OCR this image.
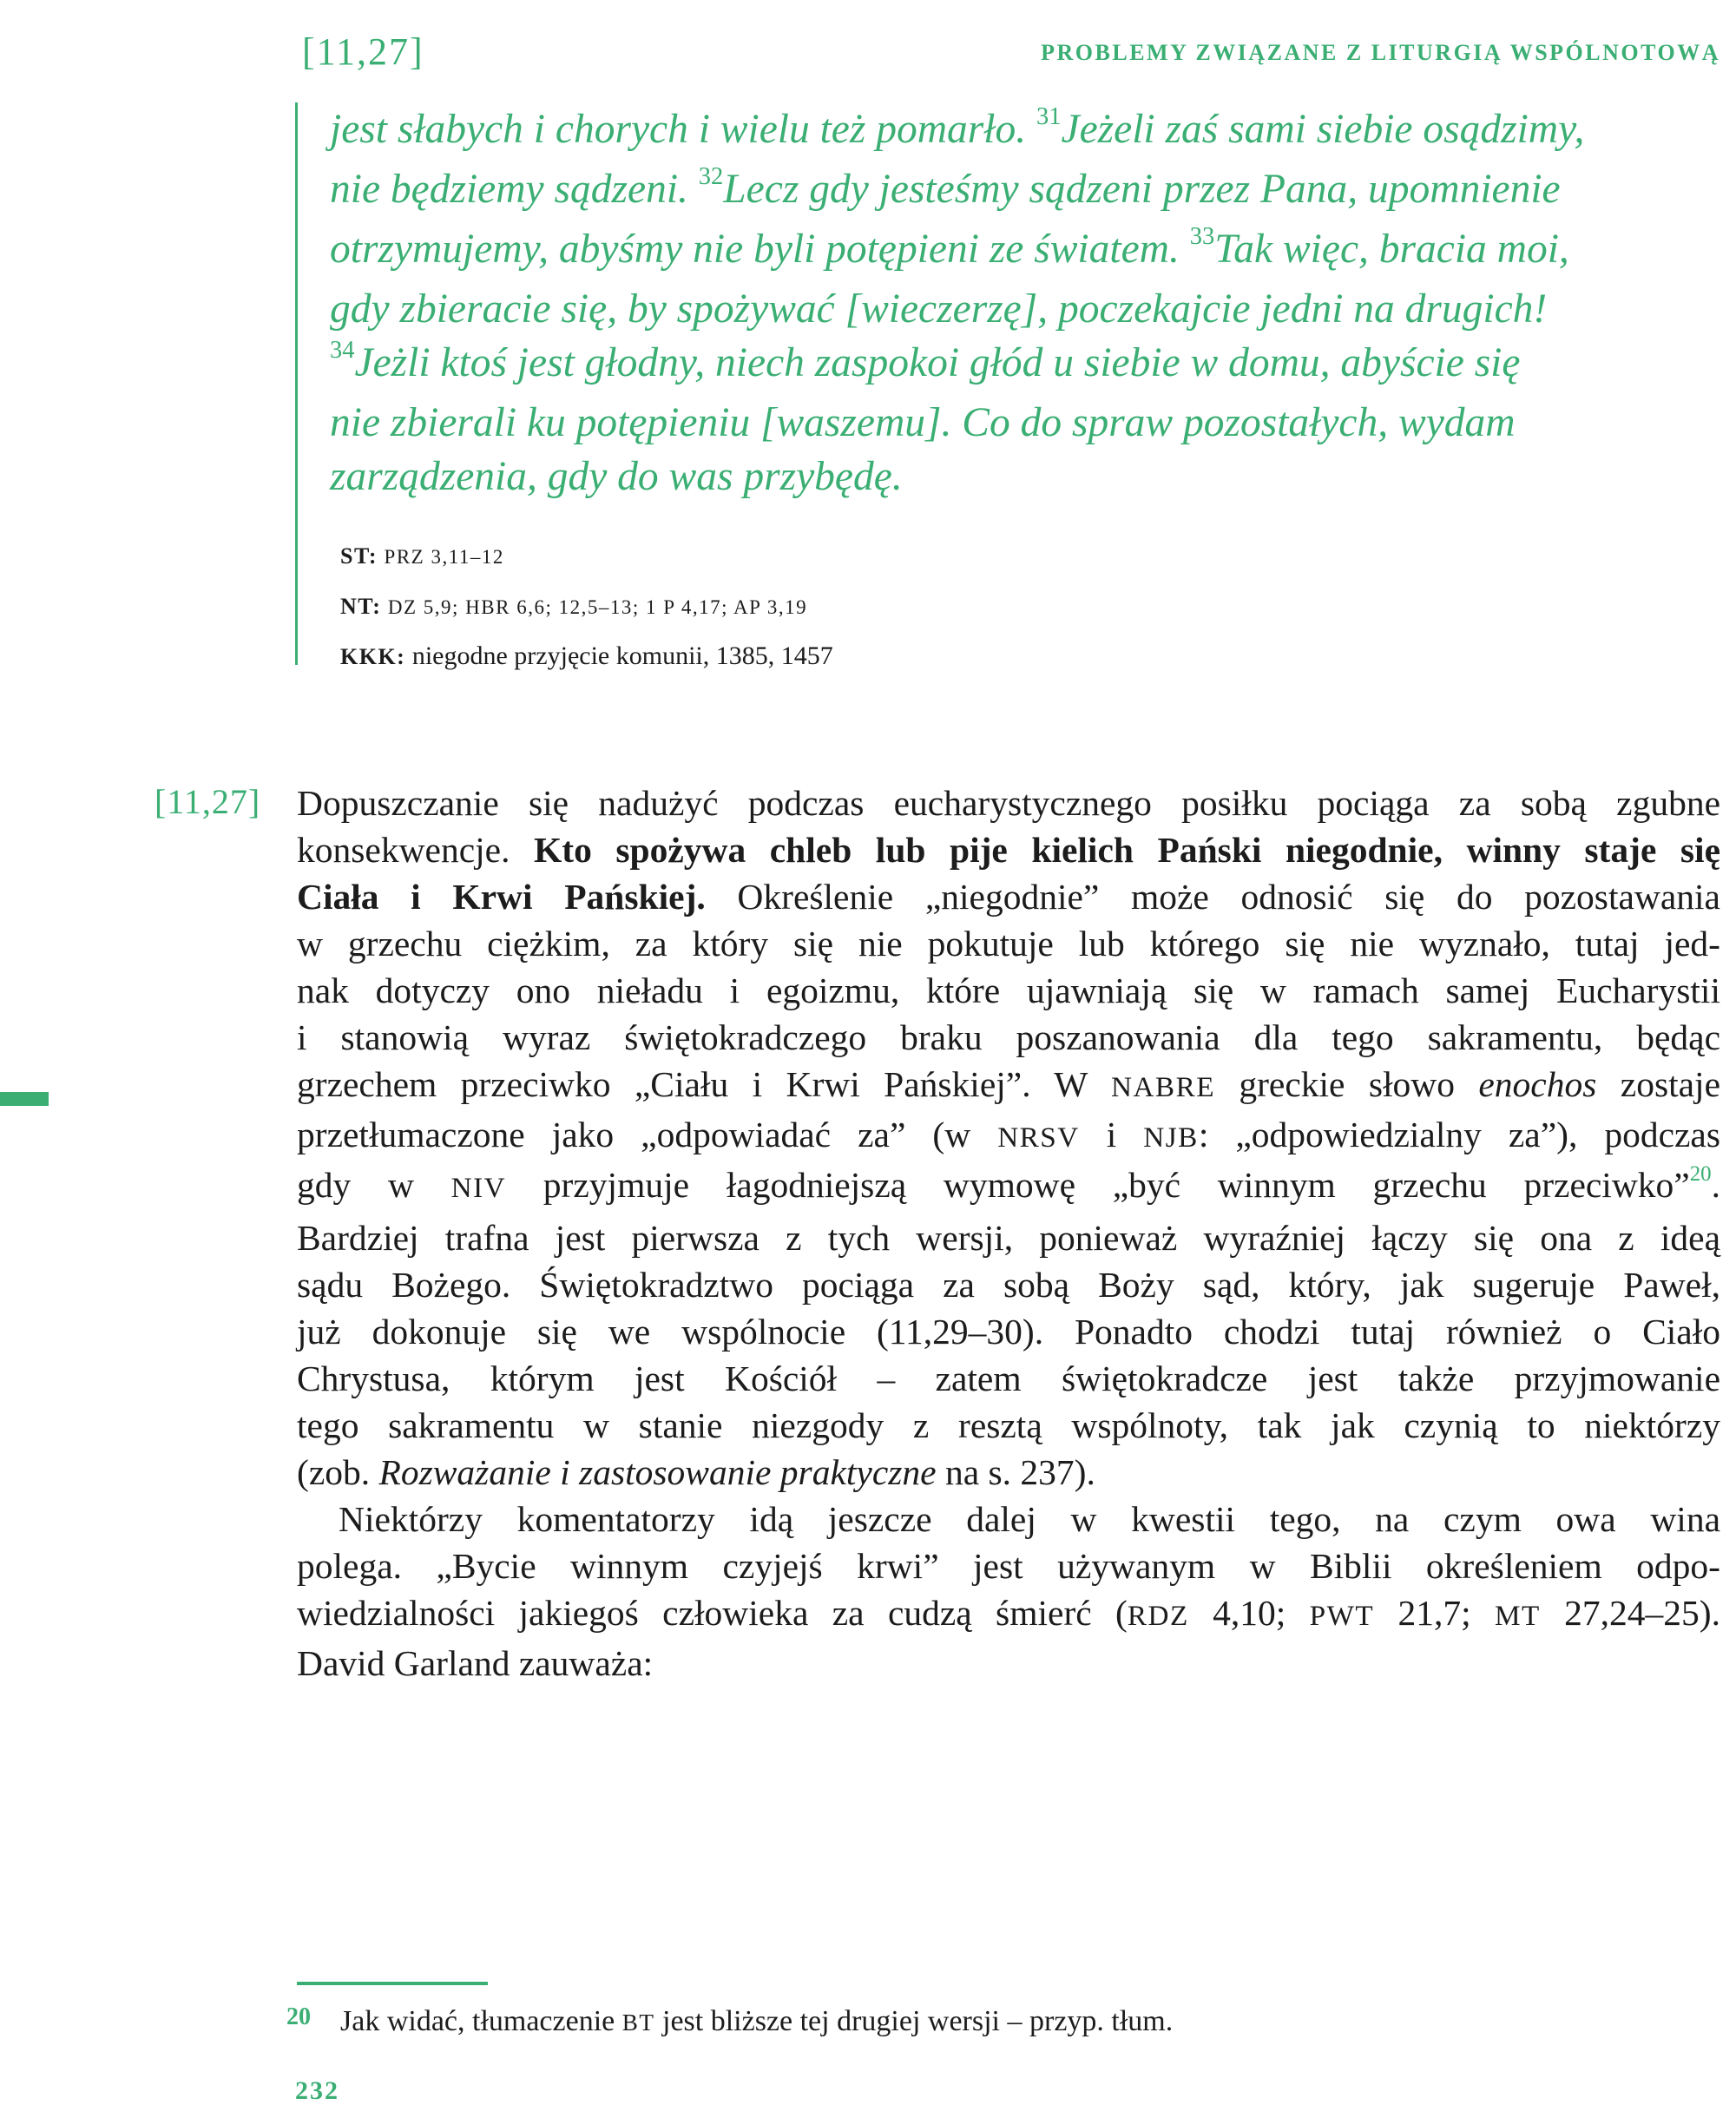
[11,27]	PROBLEMY ZWIĄZANE Z LITURGIĄ WSPÓLNOTOWĄ
jest słabych i chorych i wielu też pomarło. $^{31}$Jeżeli zaś sami siebie osądzimy,
nie będziemy sądzeni. $^{32}$Lecz gdy jesteśmy sądzeni przez Pana, upomnienie
otrzymujemy, abyśmy nie byli potępieni ze światem. $^{33}$Tak więc, bracia moi,
gdy zbieracie się, by spożywać [wieczerzę], poczekajcie jedni na drugich!
$^{34}$Jeżli ktoś jest głodny, niech zaspokoi głód u siebie w domu, abyście się
nie zbierali ku potępieniu [waszemu]. Co do spraw pozostałych, wydam
zarządzenia, gdy do was przybędę.
ST: PRZ 3,11–12
NT: DZ 5,9; HBR 6,6; 12,5–13; 1 P 4,17; AP 3,19
KKK: niegodne przyjęcie komunii, 1385, 1457
[11,27] Dopuszczanie się nadużyć podczas eucharystycznego posiłku pociąga za sobą zgubne
konsekwencje. Kto spożywa chleb lub pije kielich Pański niegodnie, winny staje się
Ciała i Krwi Pańskiej. Określenie „niegodnie” może odnosić się do pozostawania
w grzechu ciężkim, za który się nie pokutuje lub którego się nie wyznało, tutaj jed-
nak dotyczy ono nieładu i egoizmu, które ujawniają się w ramach samej Eucharystii
i stanowią wyraz świętokradczego braku poszanowania dla tego sakramentu, będąc
grzechem przeciwko „Ciału i Krwi Pańskiej”. W NABRE greckie słowo enochos zostaje
przetłumaczone jako „odpowiadać za” (w NRSV i NJB: „odpowiedzialny za”), podczas
gdy w NIV przyjmuje łagodniejszą wymowę „być winnym grzechu przeciwko”$^{20}$.
Bardziej trafna jest pierwsza z tych wersji, ponieważ wyraźniej łączy się ona z ideą
sądu Bożego. Świętokradztwo pociąga za sobą Boży sąd, który, jak sugeruje Paweł,
już dokonuje się we wspólnocie (11,29–30). Ponadto chodzi tutaj również o Ciało
Chrystusa, którym jest Kościół – zatem świętokradcze jest także przyjmowanie
tego sakramentu w stanie niezgody z resztą wspólnoty, tak jak czynią to niektórzy
(zob. Rozważanie i zastosowanie praktyczne na s. 237).
Niektórzy komentatorzy idą jeszcze dalej w kwestii tego, na czym owa wina
polega. „Bycie winnym czyjejś krwi” jest używanym w Biblii określeniem odpo-
wiedzialności jakiegoś człowieka za cudzą śmierć (RDZ 4,10; PWT 21,7; MT 27,24–25).
David Garland zauważa:
20 Jak widać, tłumaczenie BT jest bliższe tej drugiej wersji – przyp. tłum.
232
